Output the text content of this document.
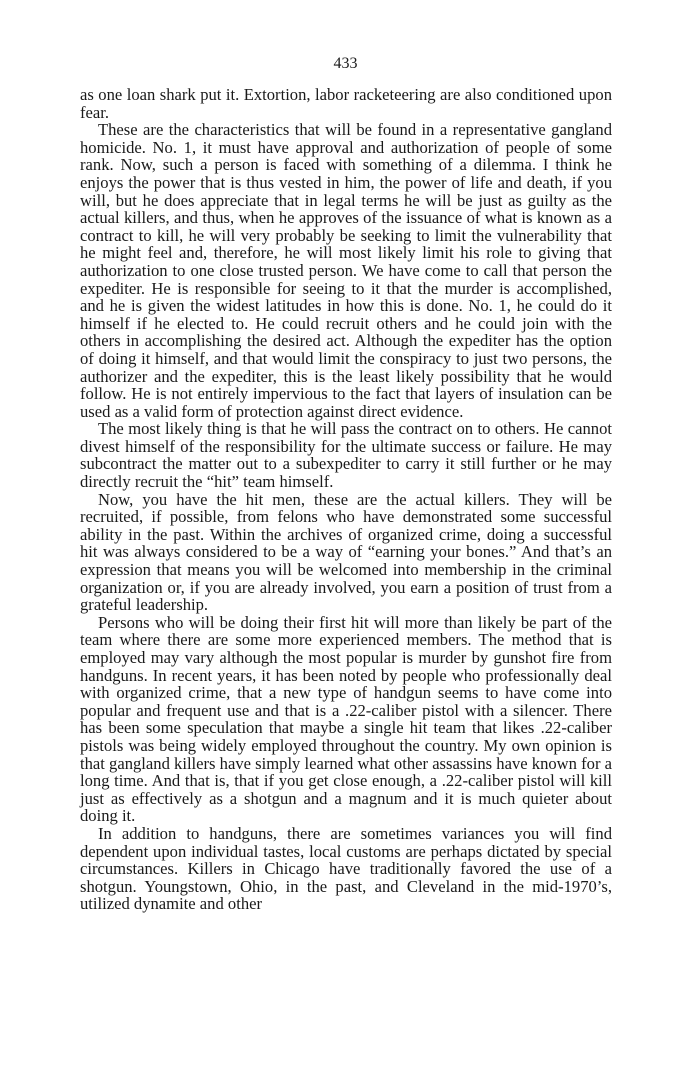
433

as one loan shark put it. Extortion, labor racketeering are also conditioned upon fear.

These are the characteristics that will be found in a representative gangland homicide. No. 1, it must have approval and authorization of people of some rank. Now, such a person is faced with something of a dilemma. I think he enjoys the power that is thus vested in him, the power of life and death, if you will, but he does appreciate that in legal terms he will be just as guilty as the actual killers, and thus, when he approves of the issuance of what is known as a contract to kill, he will very probably be seeking to limit the vulnerability that he might feel and, therefore, he will most likely limit his role to giving that authorization to one close trusted person. We have come to call that person the expediter. He is responsible for seeing to it that the murder is accomplished, and he is given the widest latitudes in how this is done. No. 1, he could do it himself if he elected to. He could recruit others and he could join with the others in accomplishing the desired act. Although the expediter has the option of doing it himself, and that would limit the conspiracy to just two persons, the authorizer and the expediter, this is the least likely possibility that he would follow. He is not entirely impervious to the fact that layers of insulation can be used as a valid form of protection against direct evidence.

The most likely thing is that he will pass the contract on to others. He cannot divest himself of the responsibility for the ultimate success or failure. He may subcontract the matter out to a subexpediter to carry it still further or he may directly recruit the “hit” team himself.

Now, you have the hit men, these are the actual killers. They will be recruited, if possible, from felons who have demonstrated some successful ability in the past. Within the archives of organized crime, doing a successful hit was always considered to be a way of “earning your bones.” And that’s an expression that means you will be welcomed into membership in the criminal organization or, if you are already involved, you earn a position of trust from a grateful leadership.

Persons who will be doing their first hit will more than likely be part of the team where there are some more experienced members. The method that is employed may vary although the most popular is murder by gunshot fire from handguns. In recent years, it has been noted by people who professionally deal with organized crime, that a new type of handgun seems to have come into popular and frequent use and that is a .22-caliber pistol with a silencer. There has been some speculation that maybe a single hit team that likes .22-caliber pistols was being widely employed throughout the country. My own opinion is that gangland killers have simply learned what other assassins have known for a long time. And that is, that if you get close enough, a .22-caliber pistol will kill just as effectively as a shotgun and a magnum and it is much quieter about doing it.

In addition to handguns, there are sometimes variances you will find dependent upon individual tastes, local customs are perhaps dictated by special circumstances. Killers in Chicago have traditionally favored the use of a shotgun. Youngstown, Ohio, in the past, and Cleveland in the mid-1970’s, utilized dynamite and other
